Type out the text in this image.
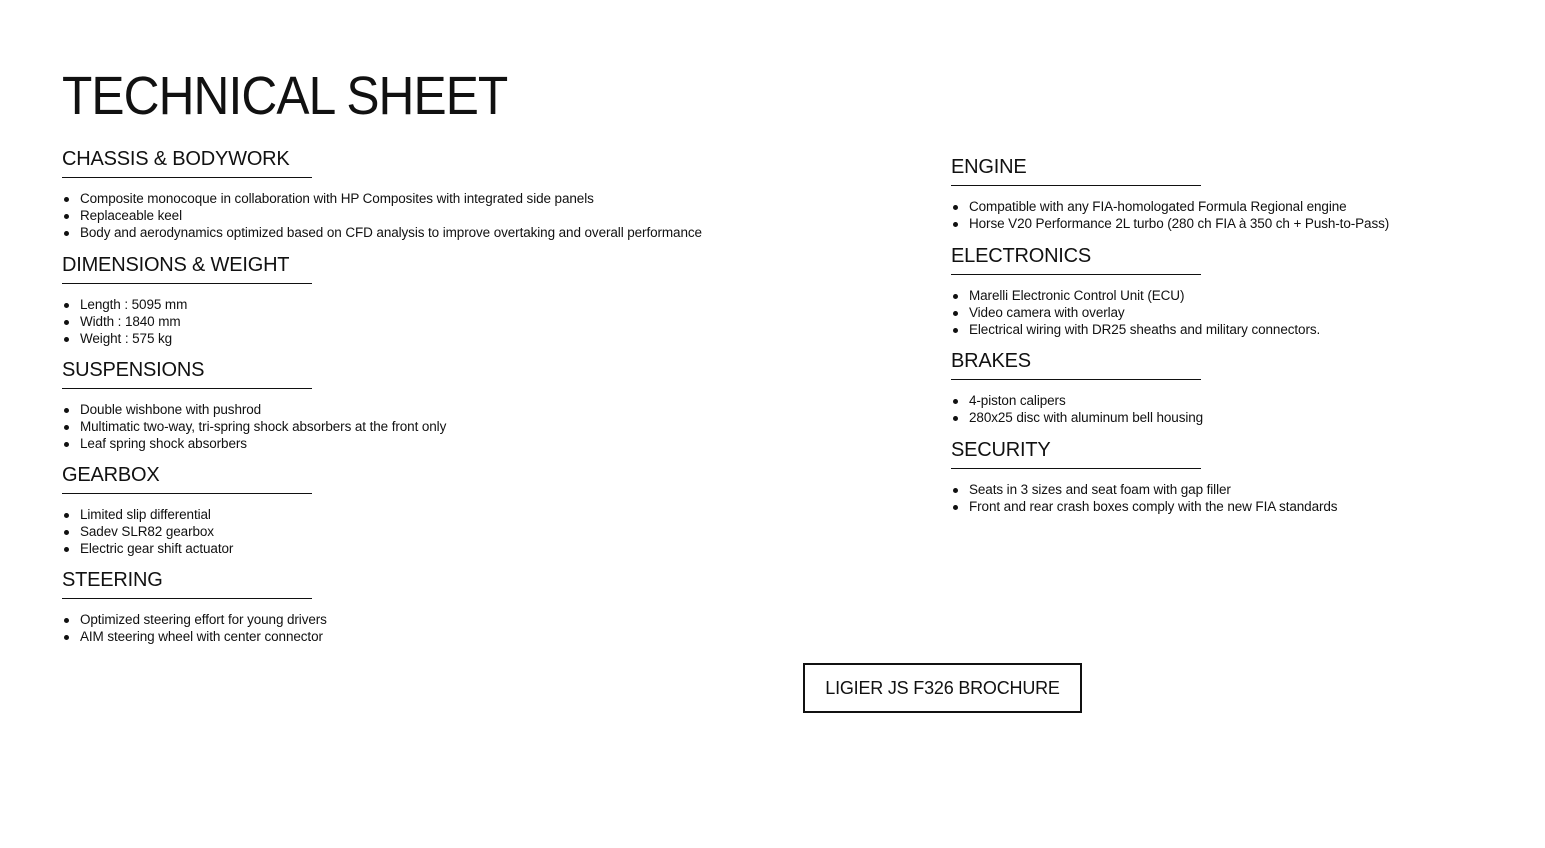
TECHNICAL SHEET
CHASSIS & BODYWORK
Composite monocoque in collaboration with HP Composites with integrated side panels
Replaceable keel
Body and aerodynamics optimized based on CFD analysis to improve overtaking and overall performance
DIMENSIONS & WEIGHT
Length : 5095 mm
Width : 1840 mm
Weight : 575 kg
SUSPENSIONS
Double wishbone with pushrod
Multimatic two-way, tri-spring shock absorbers at the front only
Leaf spring shock absorbers
GEARBOX
Limited slip differential
Sadev SLR82 gearbox
Electric gear shift actuator
STEERING
Optimized steering effort for young drivers
AIM steering wheel with center connector
ENGINE
Compatible with any FIA-homologated Formula Regional engine
Horse V20 Performance 2L turbo (280 ch FIA à 350 ch + Push-to-Pass)
ELECTRONICS
Marelli Electronic Control Unit (ECU)
Video camera with overlay
Electrical wiring with DR25 sheaths and military connectors.
BRAKES
4-piston calipers
280x25 disc with aluminum bell housing
SECURITY
Seats in 3 sizes and seat foam with gap filler
Front and rear crash boxes comply with the new FIA standards
LIGIER JS F326 BROCHURE
